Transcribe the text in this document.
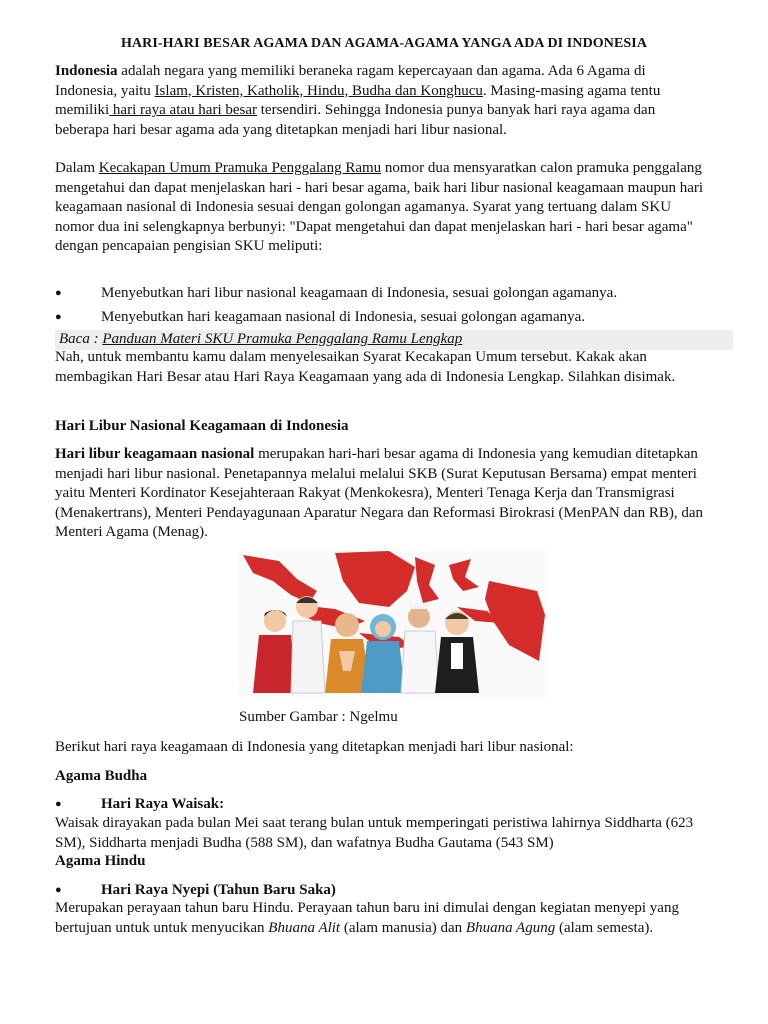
HARI-HARI BESAR AGAMA DAN AGAMA-AGAMA YANGA ADA DI INDONESIA

Indonesia adalah negara yang memiliki beraneka ragam kepercayaan dan agama. Ada 6 Agama di

Indonesia, yaitu Islam, Kristen, Katholik, Hindu, Budha dan Konghucu. Masing-masing agama tentu

memiliki hari raya atau hari besar tersendiri. Sehingga Indonesia punya banyak hari raya agama dan

beberapa hari besar agama ada yang ditetapkan menjadi hari libur nasional.

Dalam Kecakapan Umum Pramuka Penggalang Ramu nomor dua mensyaratkan calon pramuka penggalang

mengetahui dan dapat menjelaskan hari - hari besar agama, baik hari libur nasional keagamaan maupun hari

keagamaan nasional di Indonesia sesuai dengan golongan agamanya. Syarat yang tertuang dalam SKU

nomor dua ini selengkapnya berbunyi: "Dapat mengetahui dan dapat menjelaskan hari - hari besar agama"

dengan pencapaian pengisian SKU meliputi:

●	Menyebutkan hari libur nasional keagamaan di Indonesia, sesuai golongan agamanya.
●	Menyebutkan hari keagamaan nasional di Indonesia, sesuai golongan agamanya.
Baca : Panduan Materi SKU Pramuka Penggalang Ramu Lengkap

Nah, untuk membantu kamu dalam menyelesaikan Syarat Kecakapan Umum tersebut. Kakak akan

membagikan Hari Besar atau Hari Raya Keagamaan yang ada di Indonesia Lengkap. Silahkan disimak.

Hari Libur Nasional Keagamaan di Indonesia

Hari libur keagamaan nasional merupakan hari-hari besar agama di Indonesia yang kemudian ditetapkan

menjadi hari libur nasional. Penetapannya melalui melalui SKB (Surat Keputusan Bersama) empat menteri

yaitu Menteri Kordinator Kesejahteraan Rakyat (Menkokesra), Menteri Tenaga Kerja dan Transmigrasi

(Menakertrans), Menteri Pendayagunaan Aparatur Negara dan Reformasi Birokrasi (MenPAN dan RB), dan

Menteri Agama (Menag).

Sumber Gambar : Ngelmu
Berikut hari raya keagamaan di Indonesia yang ditetapkan menjadi hari libur nasional:
Agama Budha
●	Hari Raya Waisak:

Waisak dirayakan pada bulan Mei saat terang bulan untuk memperingati peristiwa lahirnya Siddharta (623

SM), Siddharta menjadi Budha (588 SM), dan wafatnya Budha Gautama (543 SM)

Agama Hindu
●	Hari Raya Nyepi (Tahun Baru Saka)

Merupakan perayaan tahun baru Hindu. Perayaan tahun baru ini dimulai dengan kegiatan menyepi yang

bertujuan untuk untuk menyucikan Bhuana Alit (alam manusia) dan Bhuana Agung (alam semesta).
